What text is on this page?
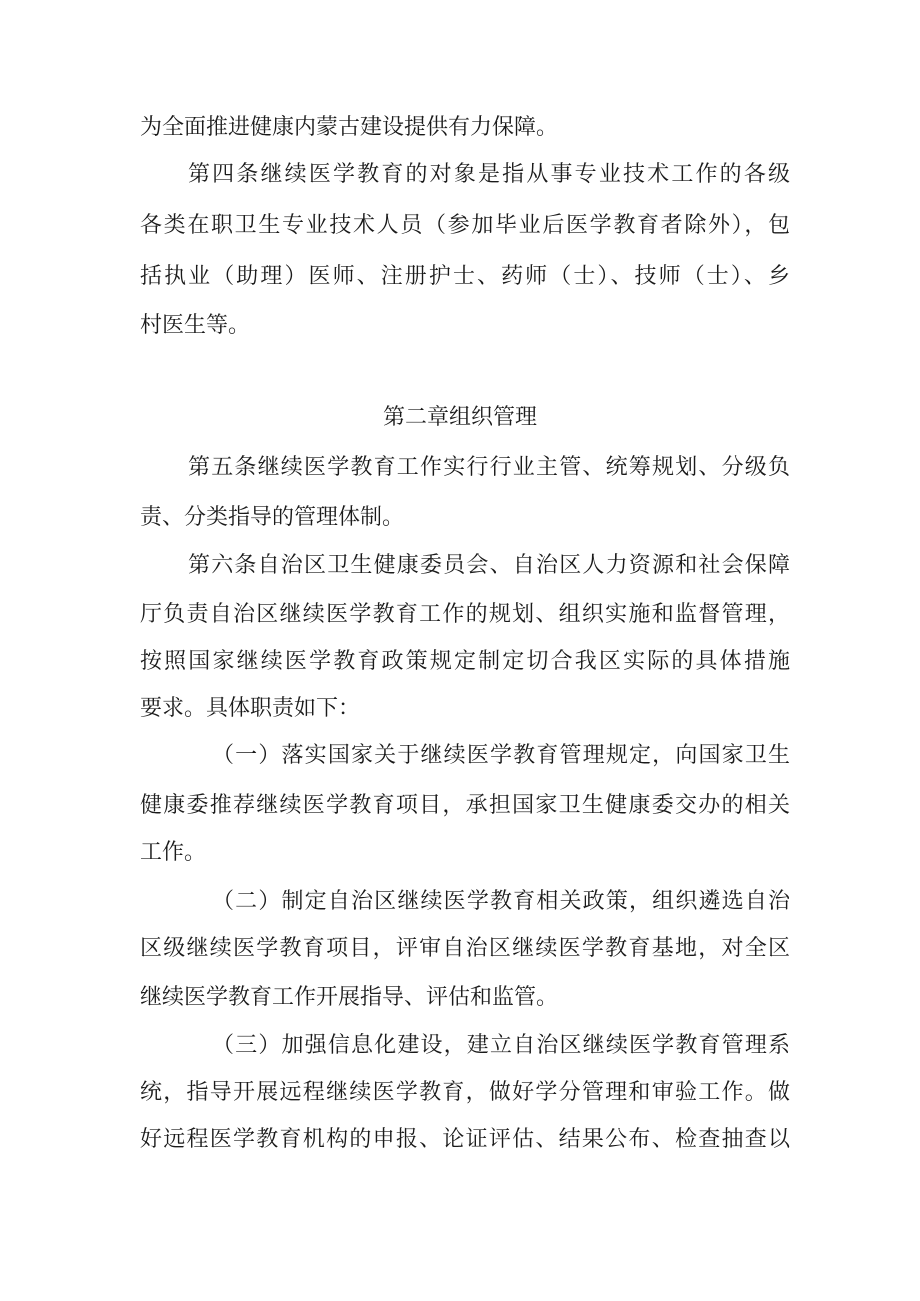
为全面推进健康内蒙古建设提供有力保障。
第四条继续医学教育的对象是指从事专业技术工作的各级
各类在职卫生专业技术人员（参加毕业后医学教育者除外），包
括执业（助理）医师、注册护士、药师（士）、技师（士）、乡
村医生等。
第二章组织管理
第五条继续医学教育工作实行行业主管、统筹规划、分级负
责、分类指导的管理体制。
第六条自治区卫生健康委员会、自治区人力资源和社会保障
厅负责自治区继续医学教育工作的规划、组织实施和监督管理，
按照国家继续医学教育政策规定制定切合我区实际的具体措施
要求。具体职责如下：
（一）落实国家关于继续医学教育管理规定，向国家卫生
健康委推荐继续医学教育项目，承担国家卫生健康委交办的相关
工作。
（二）制定自治区继续医学教育相关政策，组织遴选自治
区级继续医学教育项目，评审自治区继续医学教育基地，对全区
继续医学教育工作开展指导、评估和监管。
（三）加强信息化建设，建立自治区继续医学教育管理系
统，指导开展远程继续医学教育，做好学分管理和审验工作。做
好远程医学教育机构的申报、论证评估、结果公布、检查抽查以
